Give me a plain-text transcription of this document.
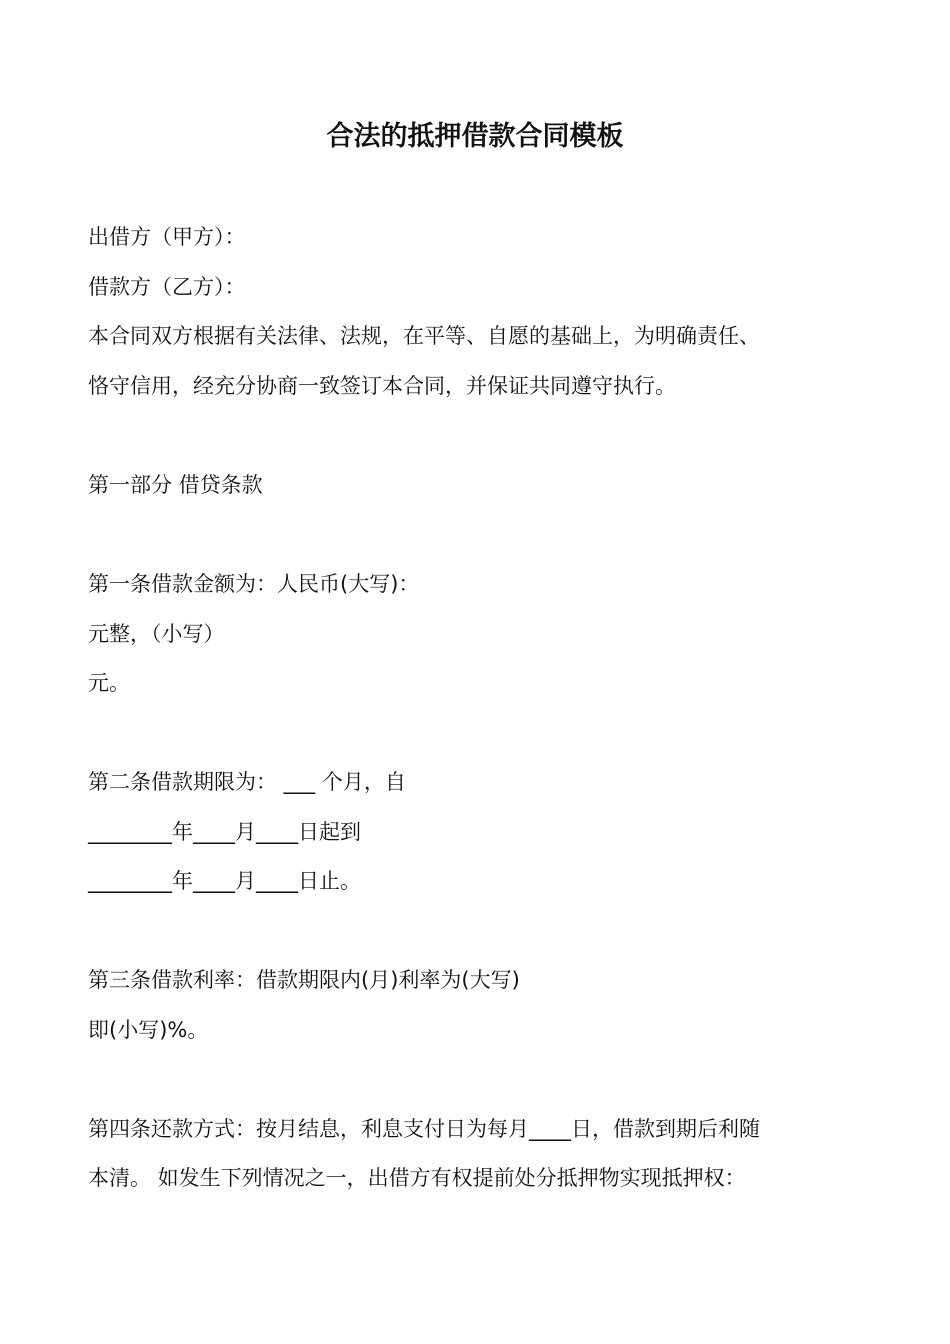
合法的抵押借款合同模板
出借方（甲方）：
借款方（乙方）：
本合同双方根据有关法律、法规，在平等、自愿的基础上，为明确责任、
恪守信用，经充分协商一致签订本合同，并保证共同遵守执行。
第一部分 借贷条款
第一条借款金额为：人民币(大写)：
元整，（小写）
元。
第二条借款期限为： ___ 个月，自
________年____月____日起到
________年____月____日止。
第三条借款利率：借款期限内(月)利率为(大写)
即(小写)%。
第四条还款方式：按月结息，利息支付日为每月____日，借款到期后利随
本清。 如发生下列情况之一，出借方有权提前处分抵押物实现抵押权：
